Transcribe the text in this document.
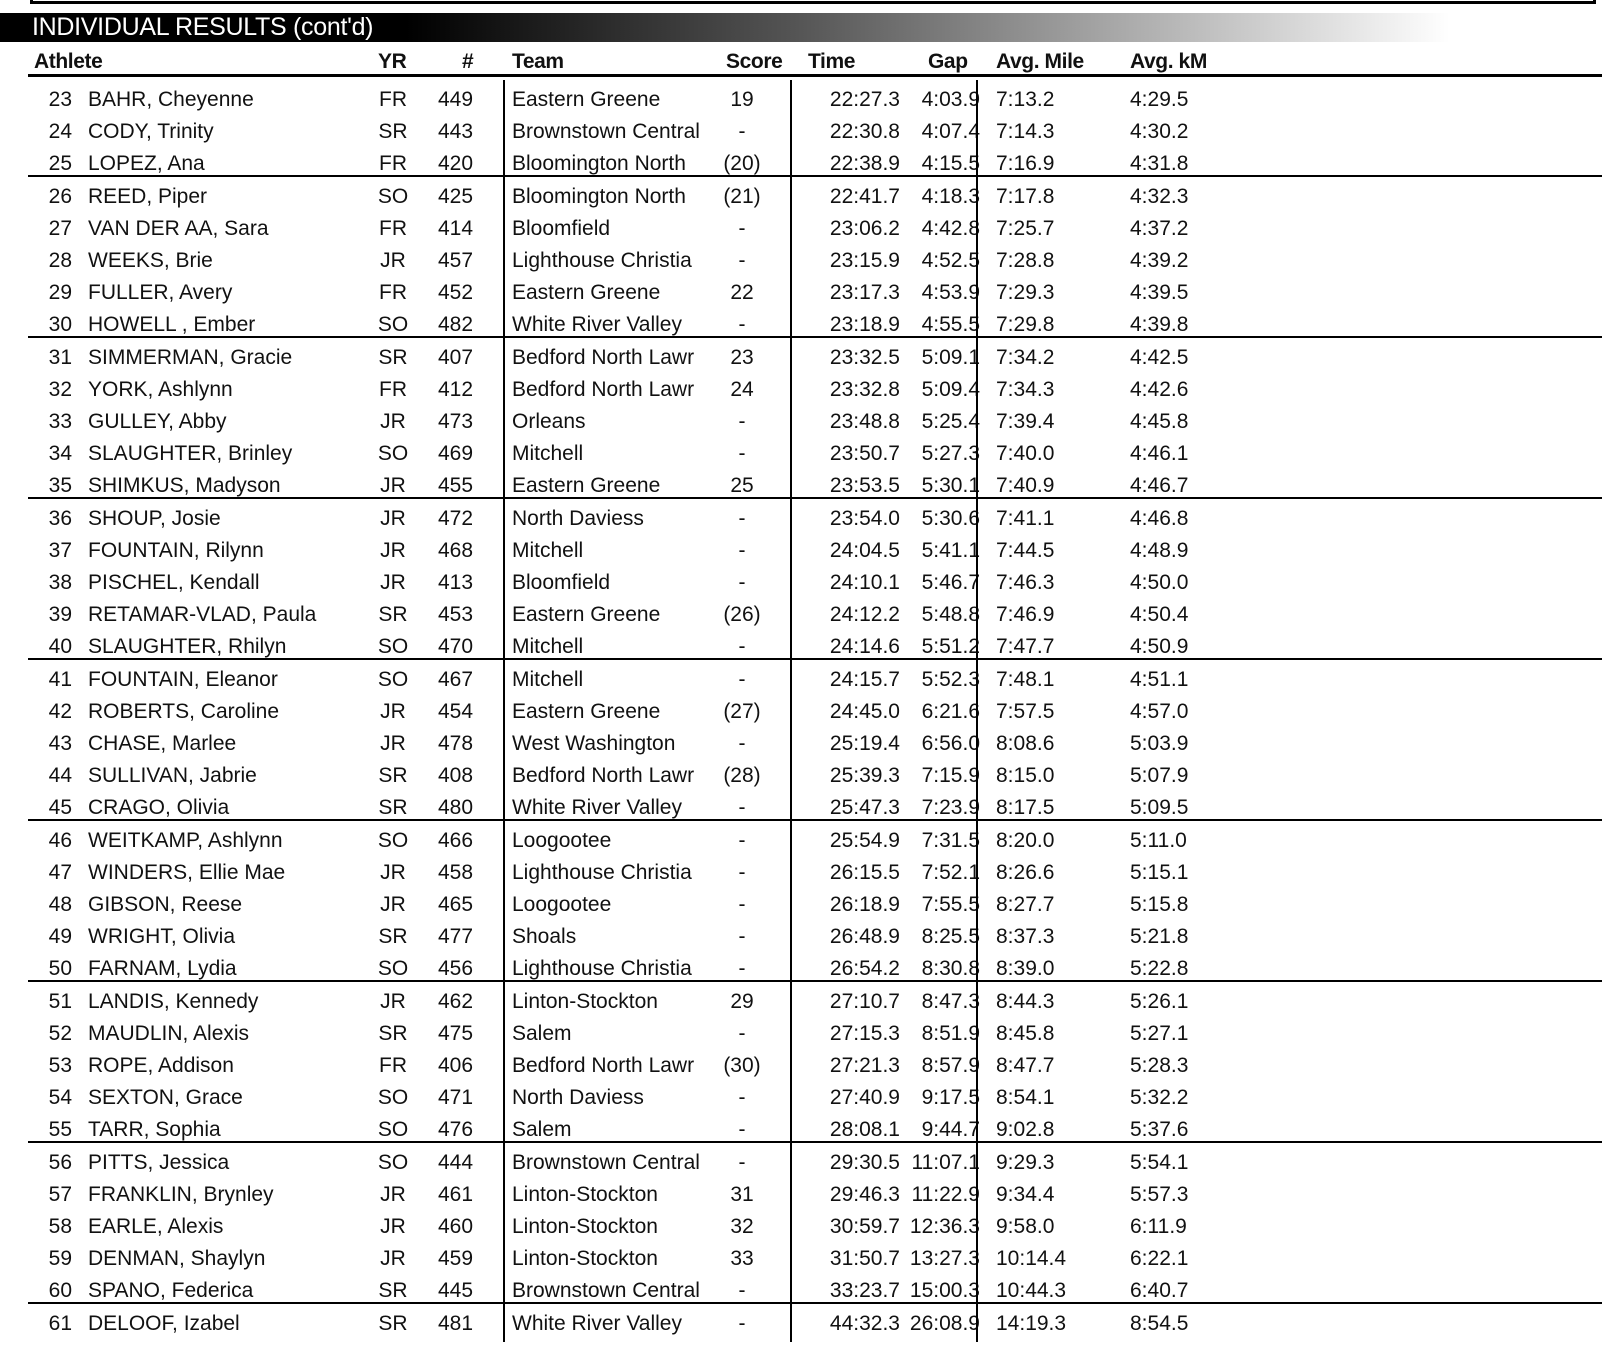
INDIVIDUAL RESULTS (cont'd)
Athlete	YR	# Team	Score Time	Gap Avg. Mile Avg. kM
23 BAHR, Cheyenne	FR	449	Eastern Greene	19	22:27.3	4:03.9 7:13.2	4:29.5
24 CODY, Trinity	SR	443	Brownstown Central	-	22:30.8	4:07.4 7:14.3	4:30.2
25 LOPEZ, Ana	FR	420	Bloomington North	(20)	22:38.9	4:15.5 7:16.9	4:31.8
26 REED, Piper	SO	425	Bloomington North	(21)	22:41.7	4:18.3 7:17.8	4:32.3
27 VAN DER AA, Sara	FR	414	Bloomfield	-	23:06.2	4:42.8 7:25.7	4:37.2
28 WEEKS, Brie	JR	457	Lighthouse Christia	-	23:15.9	4:52.5 7:28.8	4:39.2
29 FULLER, Avery	FR	452	Eastern Greene	22	23:17.3	4:53.9 7:29.3	4:39.5
30 HOWELL , Ember	SO	482	White River Valley	-	23:18.9	4:55.5 7:29.8	4:39.8
31 SIMMERMAN, Gracie	SR	407	Bedford North Lawr	23	23:32.5	5:09.1 7:34.2	4:42.5
32 YORK, Ashlynn	FR	412	Bedford North Lawr	24	23:32.8	5:09.4 7:34.3	4:42.6
33 GULLEY, Abby	JR	473	Orleans	-	23:48.8	5:25.4 7:39.4	4:45.8
34 SLAUGHTER, Brinley	SO	469	Mitchell	-	23:50.7	5:27.3 7:40.0	4:46.1
35 SHIMKUS, Madyson	JR	455	Eastern Greene	25	23:53.5	5:30.1 7:40.9	4:46.7
36 SHOUP, Josie	JR	472	North Daviess	-	23:54.0	5:30.6 7:41.1	4:46.8
37 FOUNTAIN, Rilynn	JR	468	Mitchell	-	24:04.5	5:41.1 7:44.5	4:48.9
38 PISCHEL, Kendall	JR	413	Bloomfield	-	24:10.1	5:46.7 7:46.3	4:50.0
39 RETAMAR-VLAD, Paula	SR	453	Eastern Greene	(26)	24:12.2	5:48.8 7:46.9	4:50.4
40 SLAUGHTER, Rhilyn	SO	470	Mitchell	-	24:14.6	5:51.2 7:47.7	4:50.9
41 FOUNTAIN, Eleanor	SO	467	Mitchell	-	24:15.7	5:52.3 7:48.1	4:51.1
42 ROBERTS, Caroline	JR	454	Eastern Greene	(27)	24:45.0	6:21.6 7:57.5	4:57.0
43 CHASE, Marlee	JR	478	West Washington	-	25:19.4	6:56.0 8:08.6	5:03.9
44 SULLIVAN, Jabrie	SR	408	Bedford North Lawr	(28)	25:39.3	7:15.9 8:15.0	5:07.9
45 CRAGO, Olivia	SR	480	White River Valley	-	25:47.3	7:23.9 8:17.5	5:09.5
46 WEITKAMP, Ashlynn	SO	466	Loogootee	-	25:54.9	7:31.5 8:20.0	5:11.0
47 WINDERS, Ellie Mae	JR	458	Lighthouse Christia	-	26:15.5	7:52.1 8:26.6	5:15.1
48 GIBSON, Reese	JR	465	Loogootee	-	26:18.9	7:55.5 8:27.7	5:15.8
49 WRIGHT, Olivia	SR	477	Shoals	-	26:48.9	8:25.5 8:37.3	5:21.8
50 FARNAM, Lydia	SO	456	Lighthouse Christia	-	26:54.2	8:30.8 8:39.0	5:22.8
51 LANDIS, Kennedy	JR	462	Linton-Stockton	29	27:10.7	8:47.3 8:44.3	5:26.1
52 MAUDLIN, Alexis	SR	475	Salem	-	27:15.3	8:51.9 8:45.8	5:27.1
53 ROPE, Addison	FR	406	Bedford North Lawr	(30)	27:21.3	8:57.9 8:47.7	5:28.3
54 SEXTON, Grace	SO	471	North Daviess	-	27:40.9	9:17.5 8:54.1	5:32.2
55 TARR, Sophia	SO	476	Salem	-	28:08.1	9:44.7 9:02.8	5:37.6
56 PITTS, Jessica	SO	444	Brownstown Central	-	29:30.5 11:07.1 9:29.3	5:54.1
57 FRANKLIN, Brynley	JR	461	Linton-Stockton	31	29:46.3 11:22.9 9:34.4	5:57.3
58 EARLE, Alexis	JR	460	Linton-Stockton	32	30:59.7 12:36.3 9:58.0	6:11.9
59 DENMAN, Shaylyn	JR	459	Linton-Stockton	33	31:50.7 13:27.3 10:14.4	6:22.1
60 SPANO, Federica	SR	445	Brownstown Central	-	33:23.7 15:00.3 10:44.3	6:40.7
61 DELOOF, Izabel	SR	481	White River Valley	-	44:32.3 26:08.9 14:19.3	8:54.5
